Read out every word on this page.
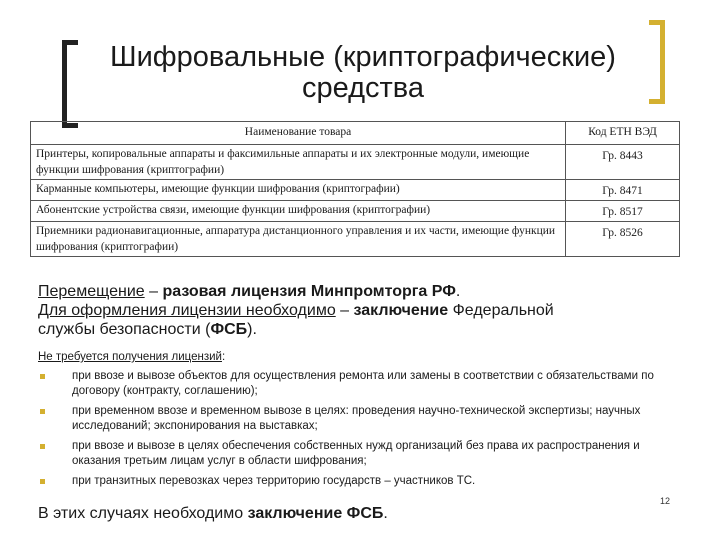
Шифровальные (криптографические)
средства
Наименование товара	Код ЕТН ВЭД
Принтеры, копировальные аппараты и факсимильные аппараты и их электронные модули, имеющие функции шифрования (криптографии)	Гр. 8443
Карманные компьютеры, имеющие функции шифрования (криптографии)	Гр. 8471
Абонентские устройства связи, имеющие функции шифрования (криптографии)	Гр. 8517
Приемники радионавигационные, аппаратура дистанционного управления и их части, имеющие функции шифрования (криптографии)	Гр. 8526
Перемещение – разовая лицензия Минпромторга РФ.
Для оформления лицензии необходимо – заключение Федеральной
службы безопасности (ФСБ).
Не требуется получения лицензий:
при ввозе и вывозе объектов для осуществления ремонта или замены в соответствии с обязательствами по договору (контракту, соглашению);
при временном ввозе и временном вывозе в целях: проведения научно-технической экспертизы; научных исследований; экспонирования на выставках;
при ввозе и вывозе в целях обеспечения собственных нужд организаций без права их распространения и оказания третьим лицам услуг в области шифрования;
при транзитных перевозках через территорию государств – участников ТС.
12
В этих случаях необходимо заключение ФСБ.
